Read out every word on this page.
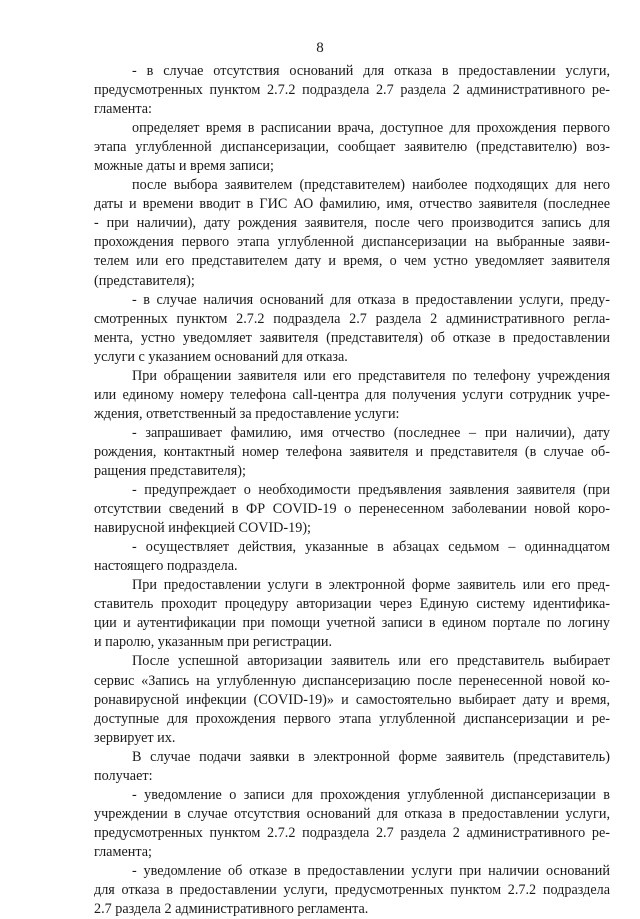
8
- в случае отсутствия оснований для отказа в предоставлении услуги,
предусмотренных пунктом 2.7.2 подраздела 2.7 раздела 2 административного ре-
гламента:
определяет время в расписании врача, доступное для прохождения первого
этапа углубленной диспансеризации, сообщает заявителю (представителю) воз-
можные даты и время записи;
после выбора заявителем (представителем) наиболее подходящих для него
даты и времени вводит в ГИС АО фамилию, имя, отчество заявителя (последнее
- при наличии), дату рождения заявителя, после чего производится запись для
прохождения первого этапа углубленной диспансеризации на выбранные заяви-
телем или его представителем дату и время, о чем устно уведомляет заявителя
(представителя);
- в случае наличия оснований для отказа в предоставлении услуги, преду-
смотренных пунктом 2.7.2 подраздела 2.7 раздела 2 административного регла-
мента, устно уведомляет заявителя (представителя) об отказе в предоставлении
услуги с указанием оснований для отказа.
При обращении заявителя или его представителя по телефону учреждения
или единому номеру телефона call-центра для получения услуги сотрудник учре-
ждения, ответственный за предоставление услуги:
- запрашивает фамилию, имя отчество (последнее – при наличии), дату
рождения, контактный номер телефона заявителя и представителя (в случае об-
ращения представителя);
- предупреждает о необходимости предъявления заявления заявителя (при
отсутствии сведений в ФР COVID-19 о перенесенном заболевании новой коро-
навирусной инфекцией COVID-19);
- осуществляет действия, указанные в абзацах седьмом – одиннадцатом
настоящего подраздела.
При предоставлении услуги в электронной форме заявитель или его пред-
ставитель проходит процедуру авторизации через Единую систему идентифика-
ции и аутентификации при помощи учетной записи в едином портале по логину
и паролю, указанным при регистрации.
После успешной авторизации заявитель или его представитель выбирает
сервис «Запись на углубленную диспансеризацию после перенесенной новой ко-
ронавирусной инфекции (COVID-19)» и самостоятельно выбирает дату и время,
доступные для прохождения первого этапа углубленной диспансеризации и ре-
зервирует их.
В случае подачи заявки в электронной форме заявитель (представитель)
получает:
- уведомление о записи для прохождения углубленной диспансеризации в
учреждении в случае отсутствия оснований для отказа в предоставлении услуги,
предусмотренных пунктом 2.7.2 подраздела 2.7 раздела 2 административного ре-
гламента;
- уведомление об отказе в предоставлении услуги при наличии оснований
для отказа в предоставлении услуги, предусмотренных пунктом 2.7.2 подраздела
2.7 раздела 2 административного регламента.
